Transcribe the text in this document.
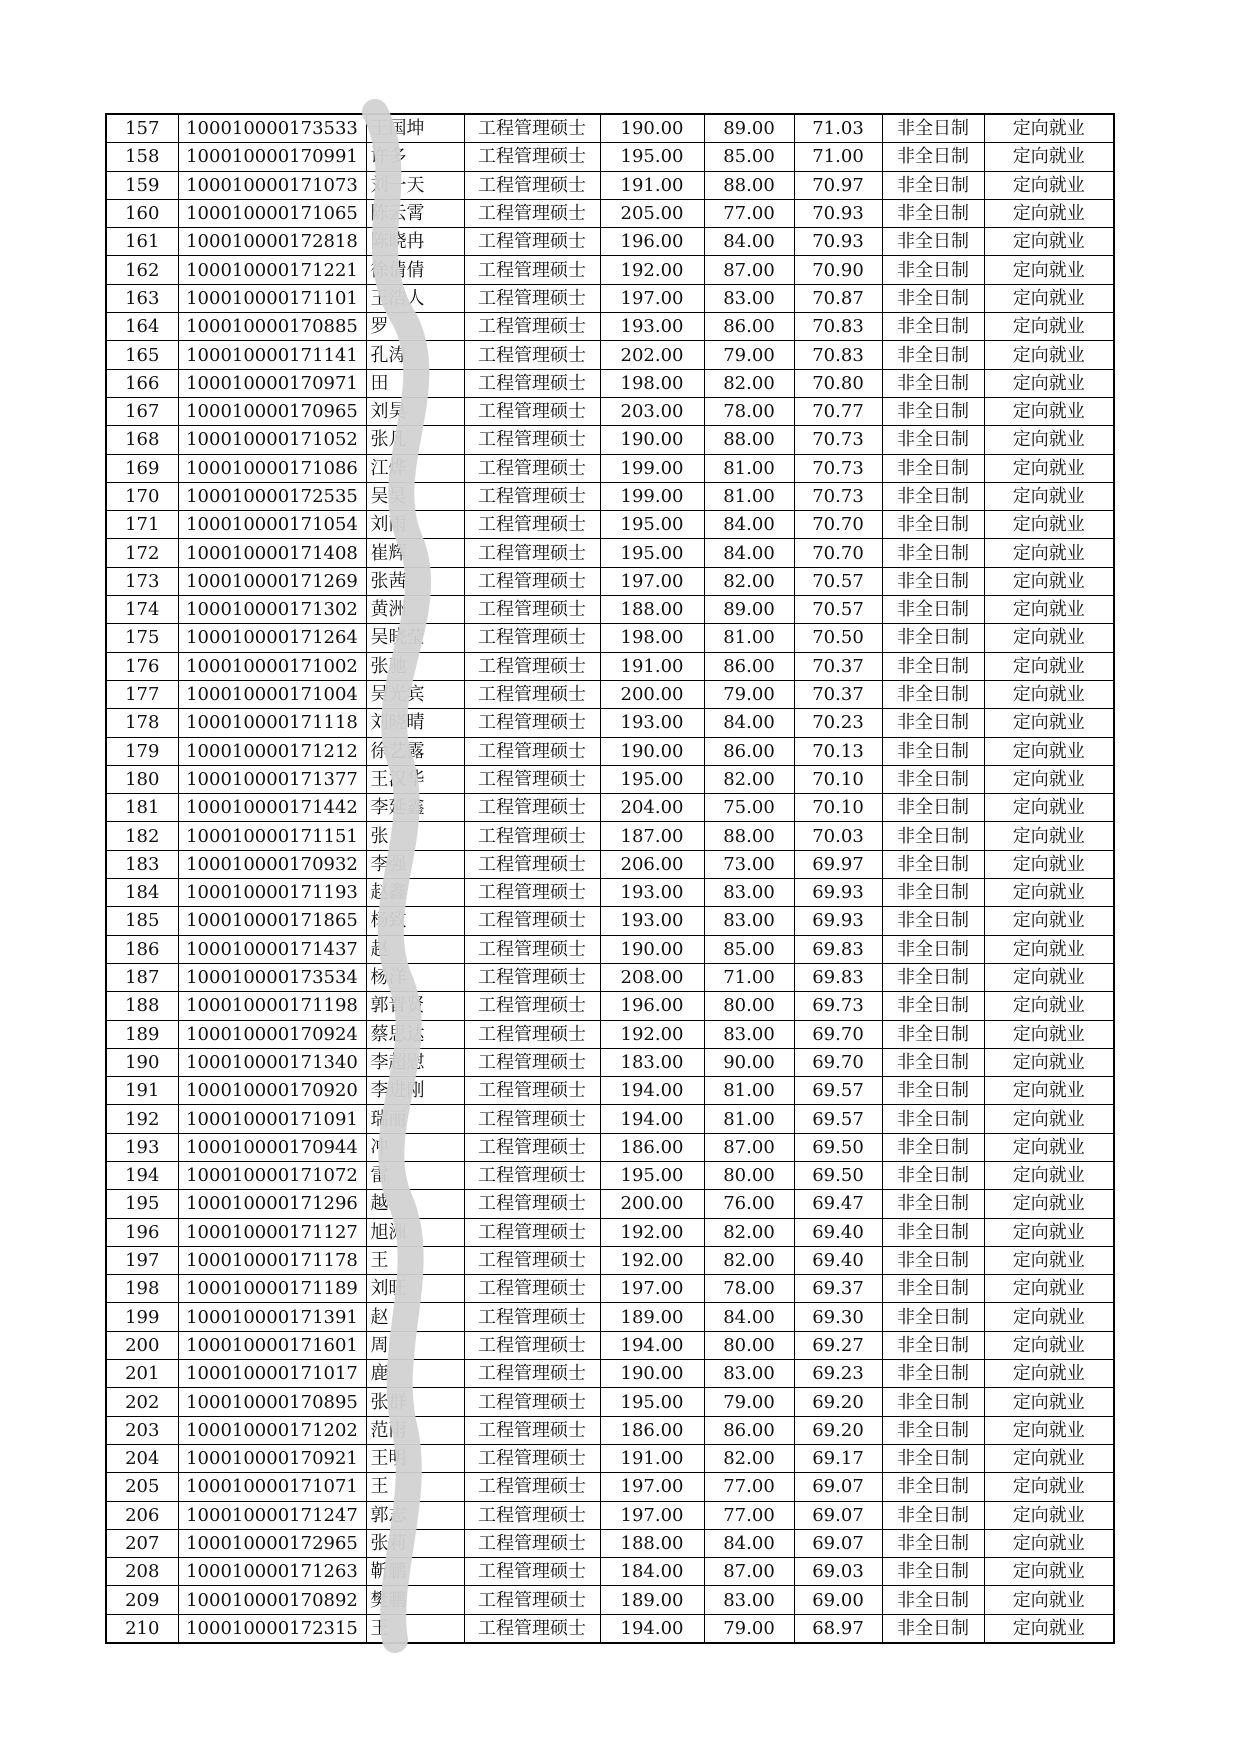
157	100010000173533	王国坤	工程管理硕士	190.00	89.00	71.03	非全日制	定向就业
158	100010000170991	许多	工程管理硕士	195.00	85.00	71.00	非全日制	定向就业
159	100010000171073	刘一天	工程管理硕士	191.00	88.00	70.97	非全日制	定向就业
160	100010000171065	陈云霄	工程管理硕士	205.00	77.00	70.93	非全日制	定向就业
161	100010000172818	陈晓冉	工程管理硕士	196.00	84.00	70.93	非全日制	定向就业
162	100010000171221	徐倩倩	工程管理硕士	192.00	87.00	70.90	非全日制	定向就业
163	100010000171101	王浩人	工程管理硕士	197.00	83.00	70.87	非全日制	定向就业
164	100010000170885	罗	工程管理硕士	193.00	86.00	70.83	非全日制	定向就业
165	100010000171141	孔涛	工程管理硕士	202.00	79.00	70.83	非全日制	定向就业
166	100010000170971	田	工程管理硕士	198.00	82.00	70.80	非全日制	定向就业
167	100010000170965	刘昊	工程管理硕士	203.00	78.00	70.77	非全日制	定向就业
168	100010000171052	张凡	工程管理硕士	190.00	88.00	70.73	非全日制	定向就业
169	100010000171086	江烨	工程管理硕士	199.00	81.00	70.73	非全日制	定向就业
170	100010000172535	吴昊	工程管理硕士	199.00	81.00	70.73	非全日制	定向就业
171	100010000171054	刘雨	工程管理硕士	195.00	84.00	70.70	非全日制	定向就业
172	100010000171408	崔辉	工程管理硕士	195.00	84.00	70.70	非全日制	定向就业
173	100010000171269	张茜	工程管理硕士	197.00	82.00	70.57	非全日制	定向就业
174	100010000171302	黄洲	工程管理硕士	188.00	89.00	70.57	非全日制	定向就业
175	100010000171264	吴晓莹	工程管理硕士	198.00	81.00	70.50	非全日制	定向就业
176	100010000171002	张驰	工程管理硕士	191.00	86.00	70.37	非全日制	定向就业
177	100010000171004	吴光宾	工程管理硕士	200.00	79.00	70.37	非全日制	定向就业
178	100010000171118	刘晓晴	工程管理硕士	193.00	84.00	70.23	非全日制	定向就业
179	100010000171212	徐艺露	工程管理硕士	190.00	86.00	70.13	非全日制	定向就业
180	100010000171377	王汉华	工程管理硕士	195.00	82.00	70.10	非全日制	定向就业
181	100010000171442	李延鑫	工程管理硕士	204.00	75.00	70.10	非全日制	定向就业
182	100010000171151	张	工程管理硕士	187.00	88.00	70.03	非全日制	定向就业
183	100010000170932	李强	工程管理硕士	206.00	73.00	69.97	非全日制	定向就业
184	100010000171193	赵鑫	工程管理硕士	193.00	83.00	69.93	非全日制	定向就业
185	100010000171865	杨致	工程管理硕士	193.00	83.00	69.93	非全日制	定向就业
186	100010000171437	赵	工程管理硕士	190.00	85.00	69.83	非全日制	定向就业
187	100010000173534	杨洋	工程管理硕士	208.00	71.00	69.83	非全日制	定向就业
188	100010000171198	郭晋贤	工程管理硕士	196.00	80.00	69.73	非全日制	定向就业
189	100010000170924	蔡思达	工程管理硕士	192.00	83.00	69.70	非全日制	定向就业
190	100010000171340	李超慰	工程管理硕士	183.00	90.00	69.70	非全日制	定向就业
191	100010000170920	李进刚	工程管理硕士	194.00	81.00	69.57	非全日制	定向就业
192	100010000171091	瑞丽	工程管理硕士	194.00	81.00	69.57	非全日制	定向就业
193	100010000170944	冲	工程管理硕士	186.00	87.00	69.50	非全日制	定向就业
194	100010000171072	雷	工程管理硕士	195.00	80.00	69.50	非全日制	定向就业
195	100010000171296	越	工程管理硕士	200.00	76.00	69.47	非全日制	定向就业
196	100010000171127	旭洲	工程管理硕士	192.00	82.00	69.40	非全日制	定向就业
197	100010000171178	王	工程管理硕士	192.00	82.00	69.40	非全日制	定向就业
198	100010000171189	刘旺	工程管理硕士	197.00	78.00	69.37	非全日制	定向就业
199	100010000171391	赵	工程管理硕士	189.00	84.00	69.30	非全日制	定向就业
200	100010000171601	周	工程管理硕士	194.00	80.00	69.27	非全日制	定向就业
201	100010000171017	鹿	工程管理硕士	190.00	83.00	69.23	非全日制	定向就业
202	100010000170895	张群	工程管理硕士	195.00	79.00	69.20	非全日制	定向就业
203	100010000171202	范雨	工程管理硕士	186.00	86.00	69.20	非全日制	定向就业
204	100010000170921	王明	工程管理硕士	191.00	82.00	69.17	非全日制	定向就业
205	100010000171071	王	工程管理硕士	197.00	77.00	69.07	非全日制	定向就业
206	100010000171247	郭志	工程管理硕士	197.00	77.00	69.07	非全日制	定向就业
207	100010000172965	张莉	工程管理硕士	188.00	84.00	69.07	非全日制	定向就业
208	100010000171263	靳鹏	工程管理硕士	184.00	87.00	69.03	非全日制	定向就业
209	100010000170892	樊鹏	工程管理硕士	189.00	83.00	69.00	非全日制	定向就业
210	100010000172315	王	工程管理硕士	194.00	79.00	68.97	非全日制	定向就业
